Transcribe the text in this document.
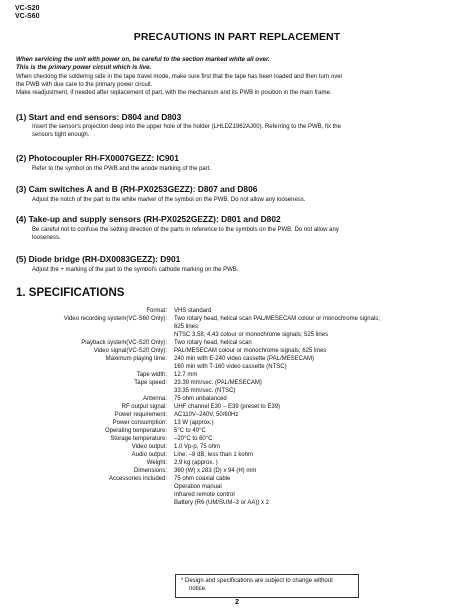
VC-S20
VC-S60
PRECAUTIONS IN PART REPLACEMENT
When servicing the unit with power on, be careful to the section marked white all over.
This is the primary power circuit which is live.
When checking the soldering side in the tape travel mode, make sure first that the tape has been loaded and then turn over
the PWB with due care to the primary power circuit.
Make readjustment, if needed after replacement of part, with the mechanism and its PWB in position in the main frame.
(1) Start and end sensors: D804 and D803
Insert the sensor's projection deep into the upper hole of the holder (LHLDZ1962AJ00). Referring to the PWB, fix the
sensors tight enough.
(2) Photocoupler RH-FX0007GEZZ: IC901
Refer to the symbol on the PWB and the anode marking of the part.
(3) Cam switches A and B (RH-PX0253GEZZ): D807 and D806
Adjust the notch of the part to the white marker of the symbol on the PWB. Do not allow any looseness.
(4) Take-up and supply sensors (RH-PX0252GEZZ): D801 and D802
Be careful not to confuse the setting direction of the parts in reference to the symbols on the PWB. Do not allow any
looseness.
(5) Diode bridge (RH-DX0083GEZZ): D901
Adjust the + marking of the part to the symbol's cathode marking on the PWB.
1. SPECIFICATIONS
Format: VHS standard
Video recording system(VC-S60 Only): Two rotary head, helical scan PAL/MESECAM colour or monochrome signals;
625 lines
NTSC 3.58, 4.43 colour or monochrome signals; 525 lines
Playback system(VC-S20 Only): Two rotary head, helical scan
Video signal(VC-S20 Only): PAL/MESECAM colour or monochrome signals; 625 lines
Maximum playing time: 240 min with E-240 video cassette (PAL/MESECAM)
160 min with T-160 video cassette (NTSC)
Tape width: 12.7 mm
Tape speed: 23.39 mm/sec. (PAL/MESECAM)
33.35 mm/sec. (NTSC)
Antenna: 75 ohm unbalanced
RF output signal: UHF channel E30 – E39 (preset to E39)
Power requirement: AC110V–240V, 50/60Hz
Power consumption: 13 W (approx.)
Operating temperature: 5°C to 40°C
Storage temperature: –20°C to 60°C
Video output: 1.0 Vp-p, 75 ohm
Audio output: Line: –8 dB, less than 1 kohm
Weight: 2.9 kg (approx. )
Dimensions: 360 (W) x 283 (D) x 94 (H) mm
Accessories included: 75 ohm coaxial cable
Operation manual
Infrared remote control
Battery (R6 (UM/SUM–3 or AA)) x 2
* Design and specifications are subject to change without
notice.
2
